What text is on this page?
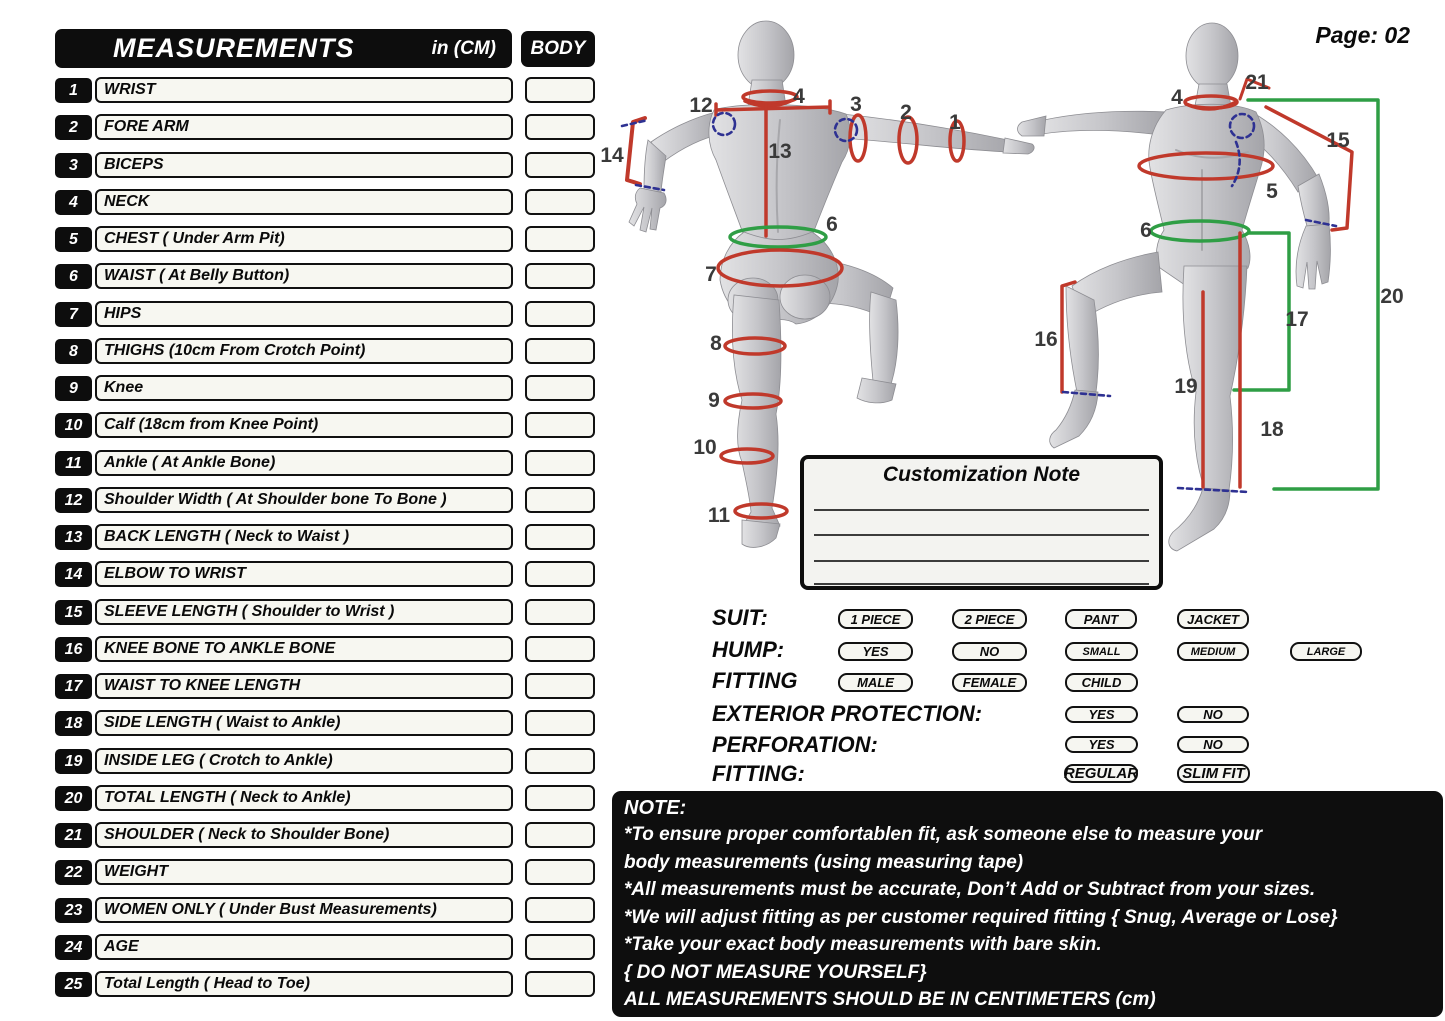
MEASUREMENTS	in (CM)	BODY
1	WRIST
2	FORE ARM
3	BICEPS
4	NECK
5	CHEST ( Under Arm Pit)
6	WAIST ( At Belly Button)
7	HIPS
8	THIGHS (10cm From Crotch Point)
9	Knee
10	Calf (18cm from Knee Point)
11	Ankle ( At Ankle Bone)
12	Shoulder Width ( At Shoulder bone To Bone )
13	BACK LENGTH ( Neck to Waist )
14	ELBOW TO WRIST
15	SLEEVE LENGTH ( Shoulder to Wrist )
16	KNEE BONE TO ANKLE BONE
17	WAIST TO KNEE LENGTH
18	SIDE LENGTH ( Waist to Ankle)
19	INSIDE LEG ( Crotch to Ankle)
20	TOTAL LENGTH ( Neck to Ankle)
21	SHOULDER ( Neck to Shoulder Bone)
22	WEIGHT
23	WOMEN ONLY ( Under Bust Measurements)
24	AGE
25	Total Length ( Head to Toe)
12	4 3 2 1
14	13
6
7
8
9
10
11
4
21
15
5
6
16
17
19
18
20
Customization Note
SUIT:	1 PIECE	2 PIECE	PANT	JACKET
HUMP:	YES	NO	SMALL	MEDIUM	LARGE
FITTING	MALE	FEMALE	CHILD
EXTERIOR PROTECTION:	YES	NO
PERFORATION:	YES	NO
FITTING:	REGULAR	SLIM FIT
NOTE:
*To ensure proper comfortablen fit, ask someone else to measure your
body measurements (using measuring tape)
*All measurements must be accurate, Don’t Add or Subtract from your sizes.
*We will adjust fitting as per customer required fitting { Snug, Average or Lose}
*Take your exact body measurements with bare skin.
{ DO NOT MEASURE YOURSELF}
ALL MEASUREMENTS SHOULD BE IN CENTIMETERS (cm)
Page: 02
